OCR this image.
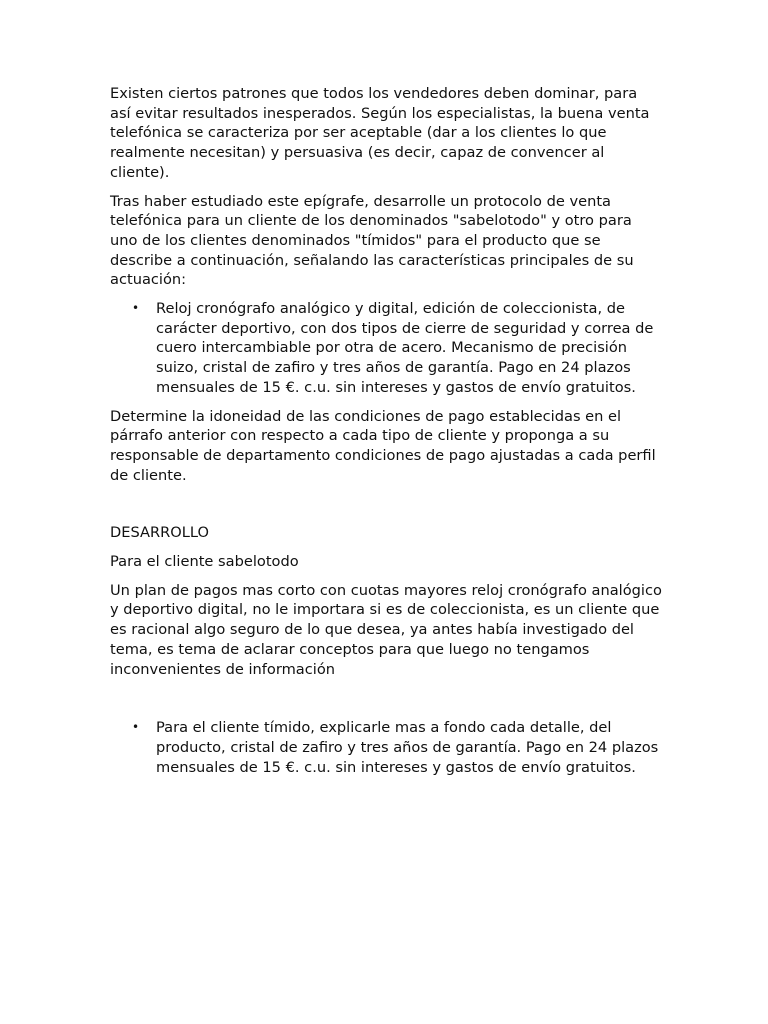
Existen ciertos patrones que todos los vendedores deben dominar, para así evitar resultados inesperados. Según los especialistas, la buena venta telefónica se caracteriza por ser aceptable (dar a los clientes lo que realmente necesitan) y persuasiva (es decir, capaz de convencer al cliente).

Tras haber estudiado este epígrafe, desarrolle un protocolo de venta telefónica para un cliente de los denominados "sabelotodo" y otro para uno de los clientes denominados "tímidos" para el producto que se describe a continuación, señalando las características principales de su actuación:

• Reloj cronógrafo analógico y digital, edición de coleccionista, de carácter deportivo, con dos tipos de cierre de seguridad y correa de cuero intercambiable por otra de acero. Mecanismo de precisión suizo, cristal de zafiro y tres años de garantía. Pago en 24 plazos mensuales de 15 €. c.u. sin intereses y gastos de envío gratuitos.

Determine la idoneidad de las condiciones de pago establecidas en el párrafo anterior con respecto a cada tipo de cliente y proponga a su responsable de departamento condiciones de pago ajustadas a cada perfil de cliente.

DESARROLLO

Para el cliente sabelotodo

Un plan de pagos mas corto con cuotas mayores reloj cronógrafo analógico y deportivo digital, no le importara si es de coleccionista, es un cliente que es racional algo seguro de lo que desea, ya antes había investigado del tema, es tema de aclarar conceptos para que luego no tengamos inconvenientes de información

• Para el cliente tímido, explicarle mas a fondo cada detalle, del producto, cristal de zafiro y tres años de garantía. Pago en 24 plazos mensuales de 15 €. c.u. sin intereses y gastos de envío gratuitos.
